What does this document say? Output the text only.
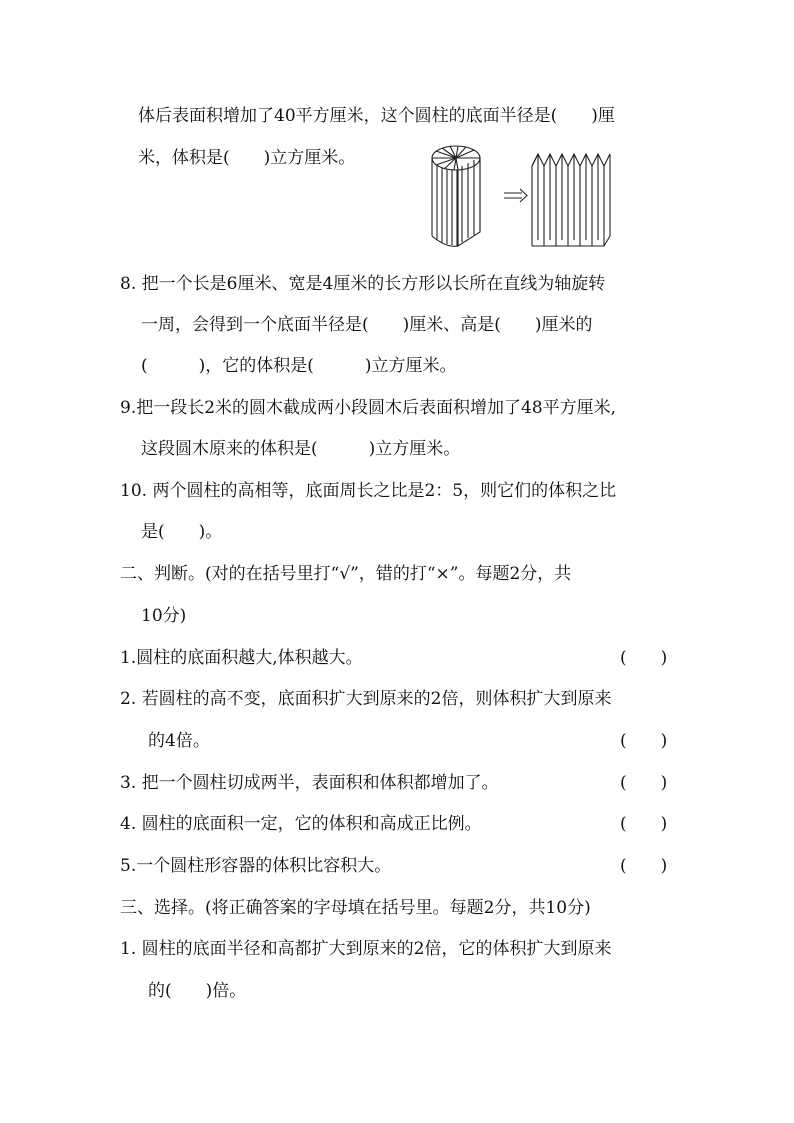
体后表面积增加了40平方厘米，这个圆柱的底面半径是(　　)厘
米，体积是(　　)立方厘米。
8. 把一个长是6厘米、宽是4厘米的长方形以长所在直线为轴旋转
一周，会得到一个底面半径是(　　)厘米、高是(　　)厘米的
(　　　)，它的体积是(　　　)立方厘米。
9.把一段长2米的圆木截成两小段圆木后表面积增加了48平方厘米,
这段圆木原来的体积是(　　　)立方厘米。
10. 两个圆柱的高相等，底面周长之比是2：5，则它们的体积之比
是(　　)。
二、判断。(对的在括号里打“√”，错的打“×”。每题2分，共
10分)
1.圆柱的底面积越大,体积越大。	(　　)
2. 若圆柱的高不变，底面积扩大到原来的2倍，则体积扩大到原来
的4倍。	(　　)
3. 把一个圆柱切成两半，表面积和体积都增加了。	(　　)
4. 圆柱的底面积一定，它的体积和高成正比例。	(　　)
5.一个圆柱形容器的体积比容积大。	(　　)
三、选择。(将正确答案的字母填在括号里。每题2分，共10分)
1. 圆柱的底面半径和高都扩大到原来的2倍，它的体积扩大到原来
的(　　)倍。
